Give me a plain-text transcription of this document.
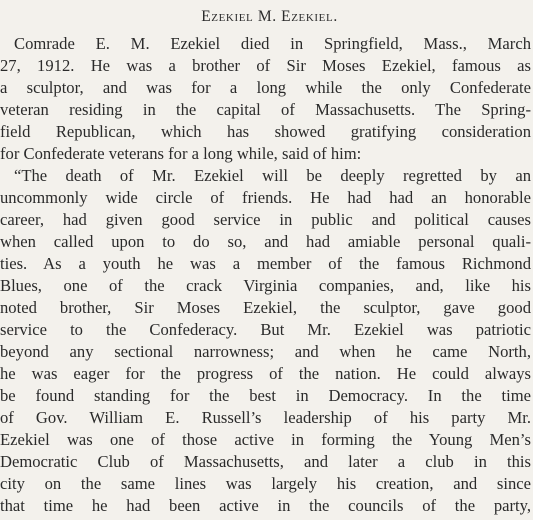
Ezekiel M. Ezekiel.
Comrade E. M. Ezekiel died in Springfield, Mass., March
27, 1912. He was a brother of Sir Moses Ezekiel, famous as
a sculptor, and was for a long while the only Confederate
veteran residing in the capital of Massachusetts. The Spring-
field Republican, which has showed gratifying consideration
for Confederate veterans for a long while, said of him:
“The death of Mr. Ezekiel will be deeply regretted by an
uncommonly wide circle of friends. He had had an honorable
career, had given good service in public and political causes
when called upon to do so, and had amiable personal quali-
ties. As a youth he was a member of the famous Richmond
Blues, one of the crack Virginia companies, and, like his
noted brother, Sir Moses Ezekiel, the sculptor, gave good
service to the Confederacy. But Mr. Ezekiel was patriotic
beyond any sectional narrowness; and when he came North,
he was eager for the progress of the nation. He could always
be found standing for the best in Democracy. In the time
of Gov. William E. Russell’s leadership of his party Mr.
Ezekiel was one of those active in forming the Young Men’s
Democratic Club of Massachusetts, and later a club in this
city on the same lines was largely his creation, and since
that time he had been active in the councils of the party,
